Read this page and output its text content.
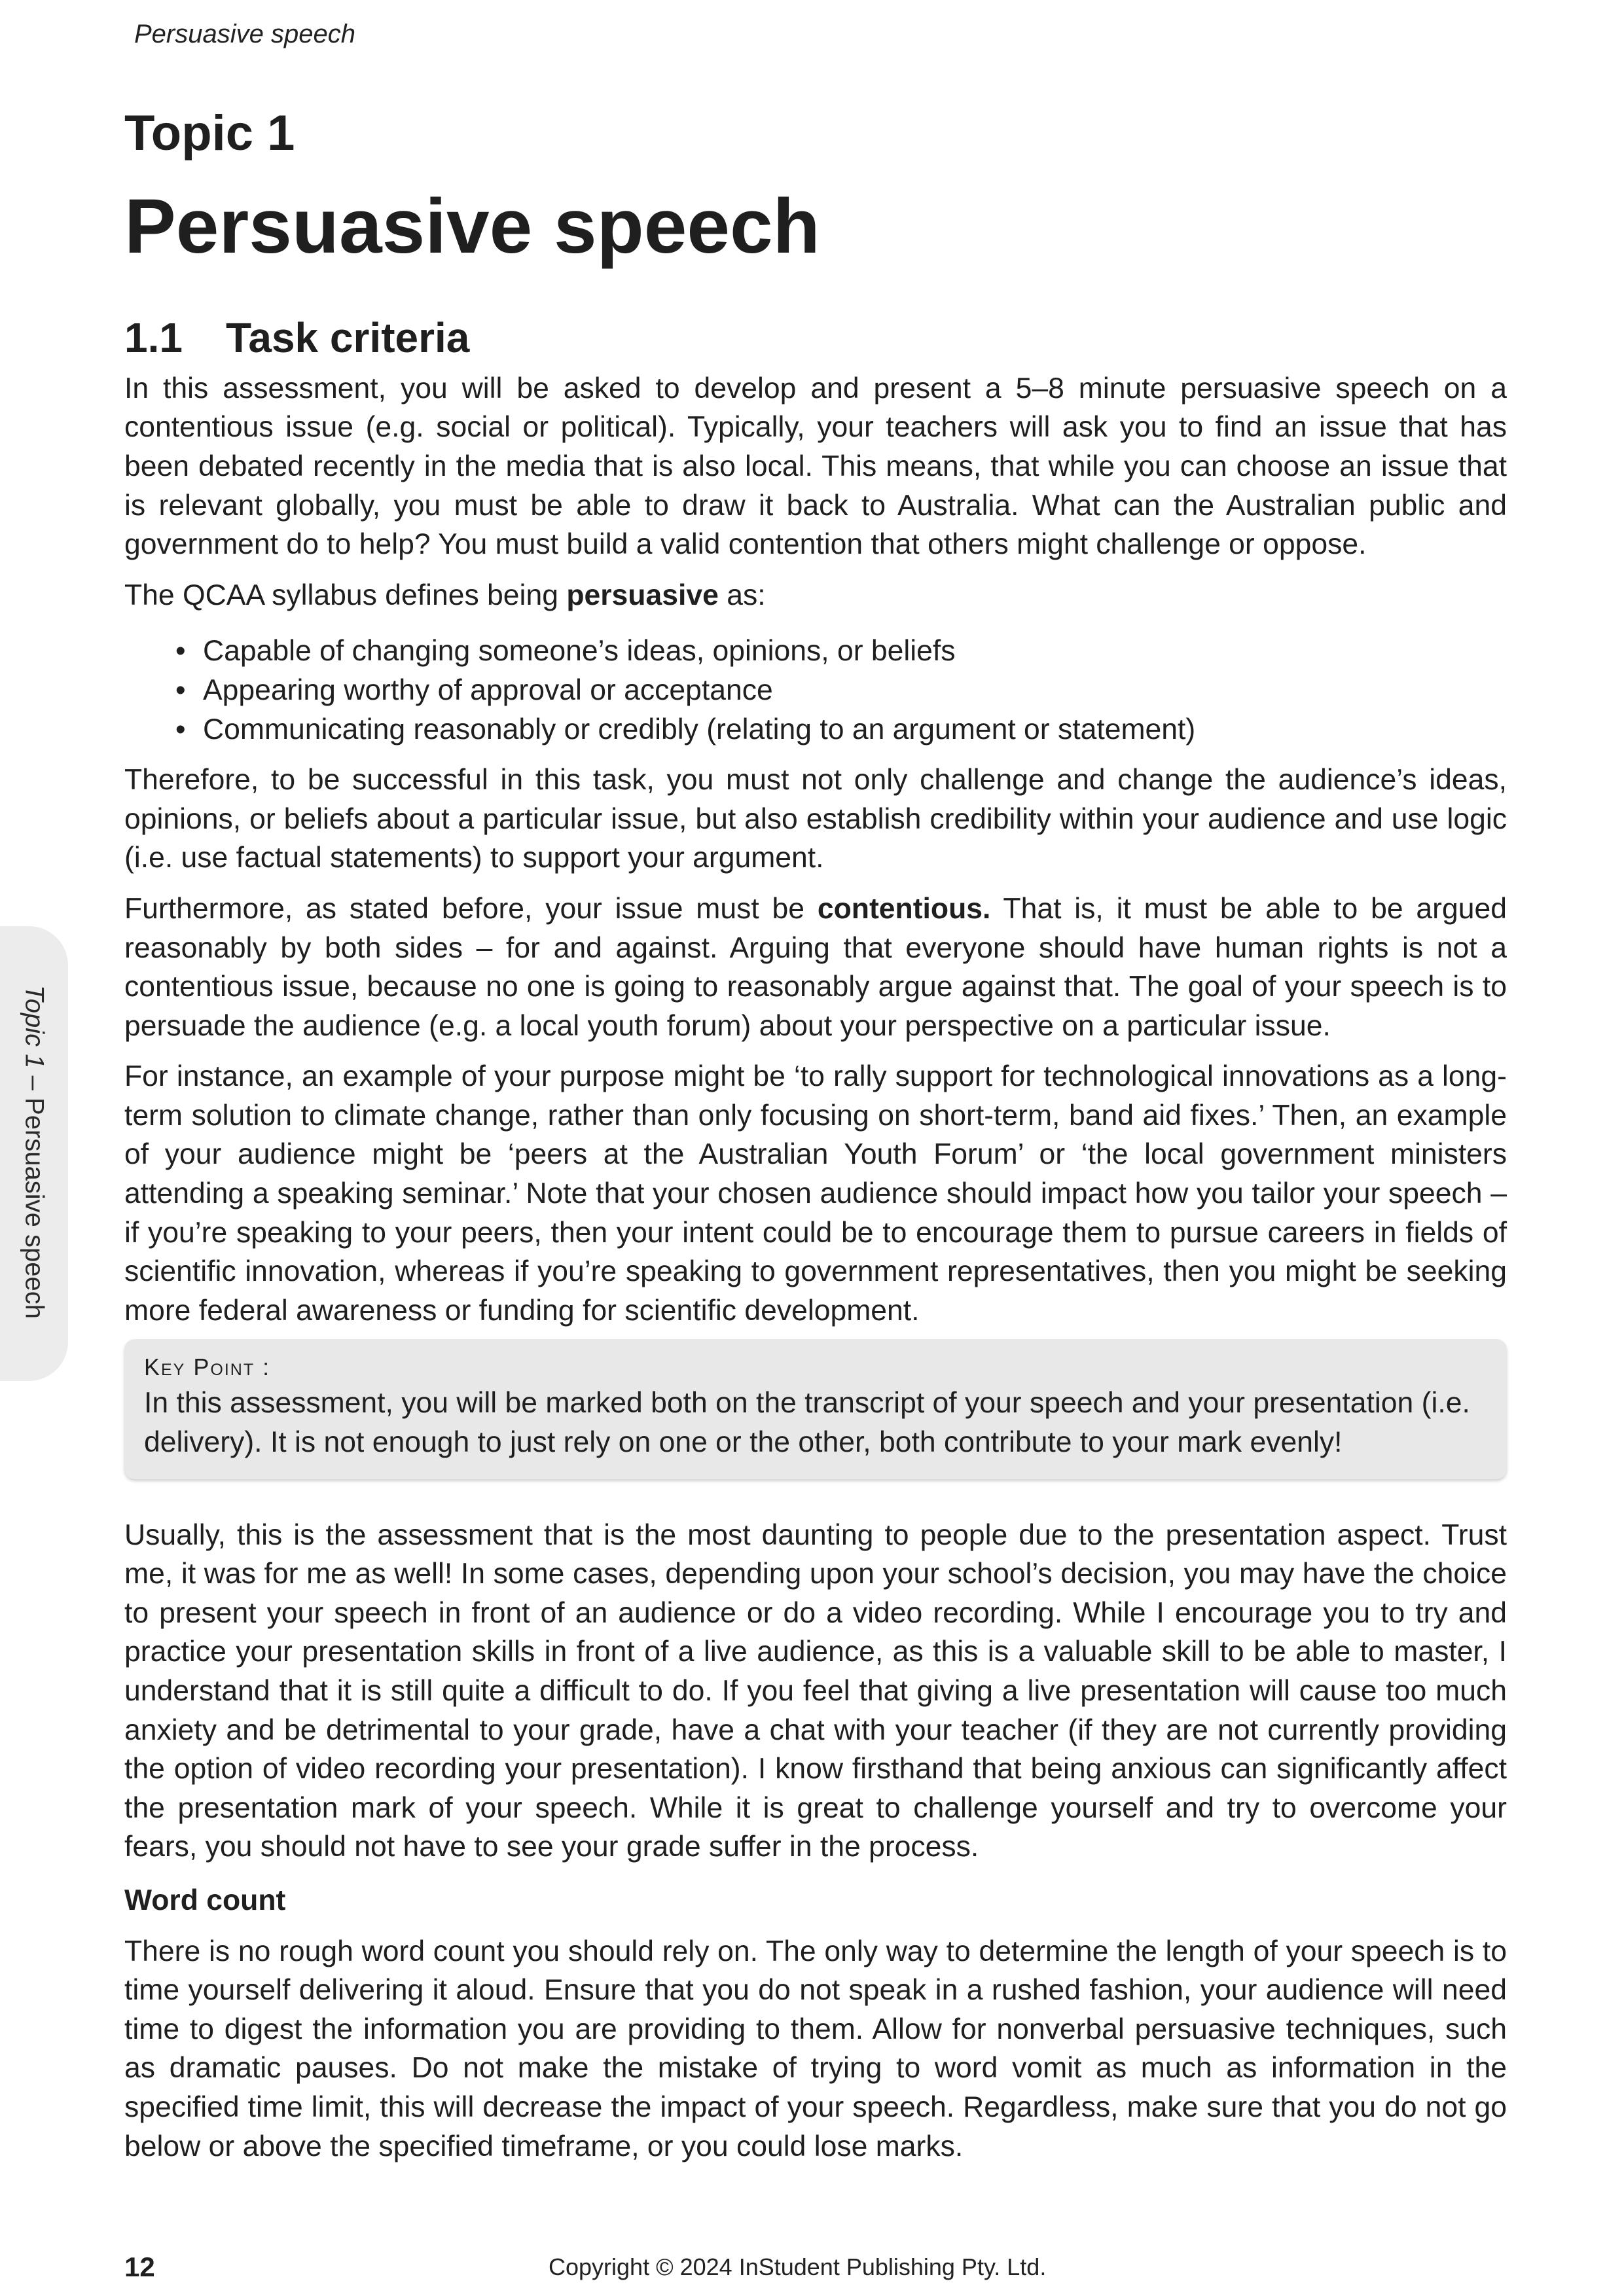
Persuasive speech
Topic 1 – Persuasive speech
Topic 1
Persuasive speech
1.1 Task criteria

In this assessment, you will be asked to develop and present a 5–8 minute persuasive speech on a contentious issue (e.g. social or political). Typically, your teachers will ask you to find an issue that has been debated recently in the media that is also local. This means, that while you can choose an issue that is relevant globally, you must be able to draw it back to Australia. What can the Australian public and government do to help? You must build a valid contention that others might challenge or oppose.

The QCAA syllabus defines being persuasive as:

• Capable of changing someone’s ideas, opinions, or beliefs
• Appearing worthy of approval or acceptance
• Communicating reasonably or credibly (relating to an argument or statement)

Therefore, to be successful in this task, you must not only challenge and change the audience’s ideas, opinions, or beliefs about a particular issue, but also establish credibility within your audience and use logic (i.e. use factual statements) to support your argument.

Furthermore, as stated before, your issue must be contentious. That is, it must be able to be argued reasonably by both sides – for and against. Arguing that everyone should have human rights is not a contentious issue, because no one is going to reasonably argue against that. The goal of your speech is to persuade the audience (e.g. a local youth forum) about your perspective on a particular issue.

For instance, an example of your purpose might be ‘to rally support for technological innovations as a long-term solution to climate change, rather than only focusing on short-term, band aid fixes.’ Then, an example of your audience might be ‘peers at the Australian Youth Forum’ or ‘the local government ministers attending a speaking seminar.’ Note that your chosen audience should impact how you tailor your speech – if you’re speaking to your peers, then your intent could be to encourage them to pursue careers in fields of scientific innovation, whereas if you’re speaking to government representatives, then you might be seeking more federal awareness or funding for scientific development.

Key Point :
In this assessment, you will be marked both on the transcript of your speech and your presentation (i.e. delivery). It is not enough to just rely on one or the other, both contribute to your mark evenly!

Usually, this is the assessment that is the most daunting to people due to the presentation aspect. Trust me, it was for me as well! In some cases, depending upon your school’s decision, you may have the choice to present your speech in front of an audience or do a video recording. While I encourage you to try and practice your presentation skills in front of a live audience, as this is a valuable skill to be able to master, I understand that it is still quite a difficult to do. If you feel that giving a live presentation will cause too much anxiety and be detrimental to your grade, have a chat with your teacher (if they are not currently providing the option of video recording your presentation). I know firsthand that being anxious can significantly affect the presentation mark of your speech. While it is great to challenge yourself and try to overcome your fears, you should not have to see your grade suffer in the process.

Word count

There is no rough word count you should rely on. The only way to determine the length of your speech is to time yourself delivering it aloud. Ensure that you do not speak in a rushed fashion, your audience will need time to digest the information you are providing to them. Allow for nonverbal persuasive techniques, such as dramatic pauses. Do not make the mistake of trying to word vomit as much as information in the specified time limit, this will decrease the impact of your speech. Regardless, make sure that you do not go below or above the specified timeframe, or you could lose marks.

12	Copyright © 2024 InStudent Publishing Pty. Ltd.
